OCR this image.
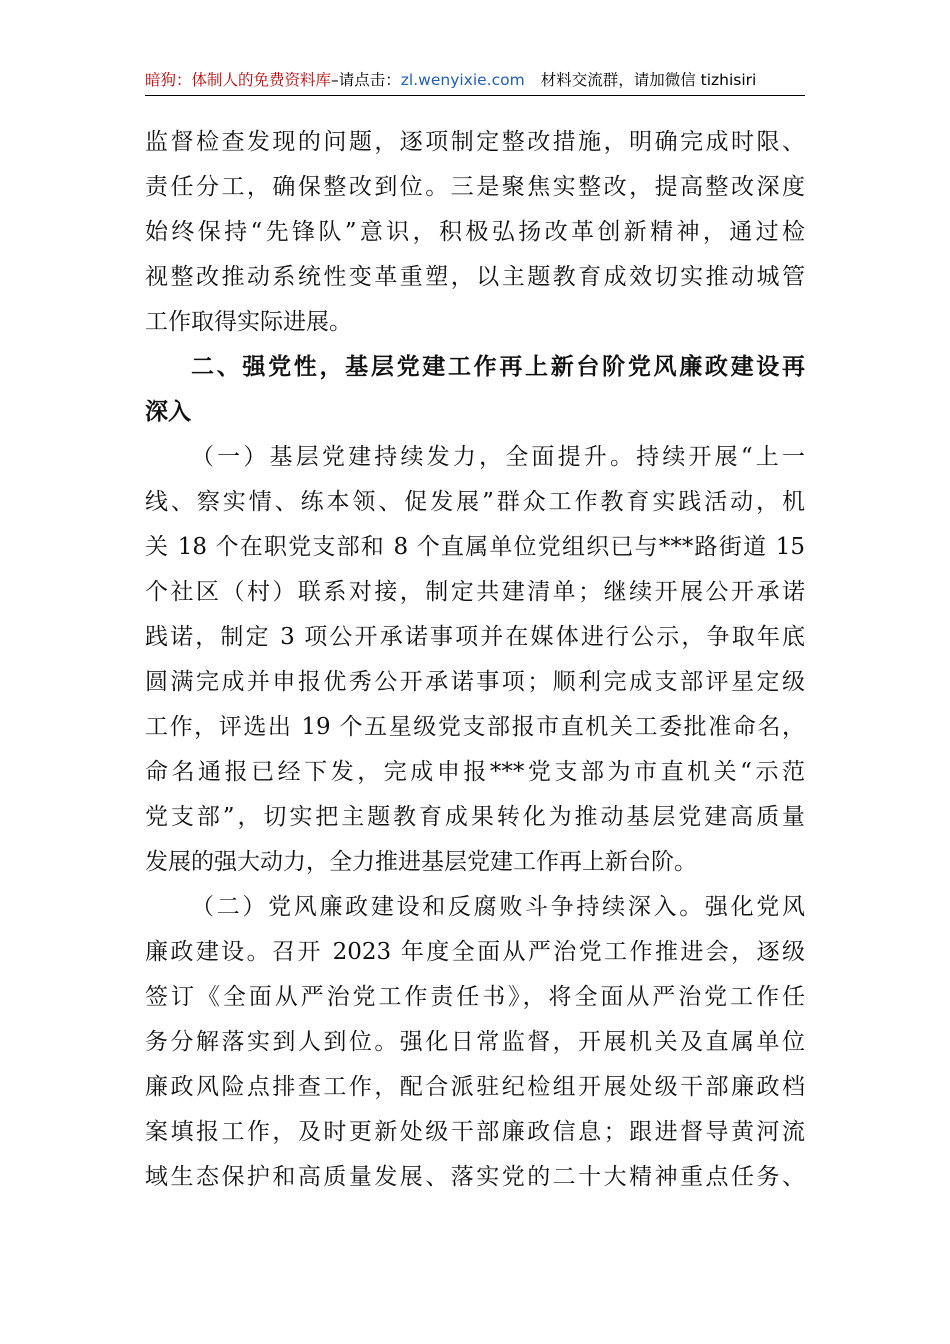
暗狗：体制人的免费资料库–请点击：zl.wenyixie.com 材料交流群，请加微信 tizhisiri
监督检查发现的问题，逐项制定整改措施，明确完成时限、
责任分工，确保整改到位。三是聚焦实整改，提高整改深度
始终保持“先锋队”意识，积极弘扬改革创新精神，通过检
视整改推动系统性变革重塑，以主题教育成效切实推动城管
工作取得实际进展。
二、强党性，基层党建工作再上新台阶党风廉政建设再
深入
（一）基层党建持续发力，全面提升。持续开展“上一
线、察实情、练本领、促发展”群众工作教育实践活动，机
关 18 个在职党支部和 8 个直属单位党组织已与***路街道 15
个社区（村）联系对接，制定共建清单；继续开展公开承诺
践诺，制定 3 项公开承诺事项并在媒体进行公示，争取年底
圆满完成并申报优秀公开承诺事项；顺利完成支部评星定级
工作，评选出 19 个五星级党支部报市直机关工委批准命名，
命名通报已经下发，完成申报***党支部为市直机关“示范
党支部”，切实把主题教育成果转化为推动基层党建高质量
发展的强大动力，全力推进基层党建工作再上新台阶。
（二）党风廉政建设和反腐败斗争持续深入。强化党风
廉政建设。召开 2023 年度全面从严治党工作推进会，逐级
签订《全面从严治党工作责任书》，将全面从严治党工作任
务分解落实到人到位。强化日常监督，开展机关及直属单位
廉政风险点排查工作，配合派驻纪检组开展处级干部廉政档
案填报工作，及时更新处级干部廉政信息；跟进督导黄河流
域生态保护和高质量发展、落实党的二十大精神重点任务、
